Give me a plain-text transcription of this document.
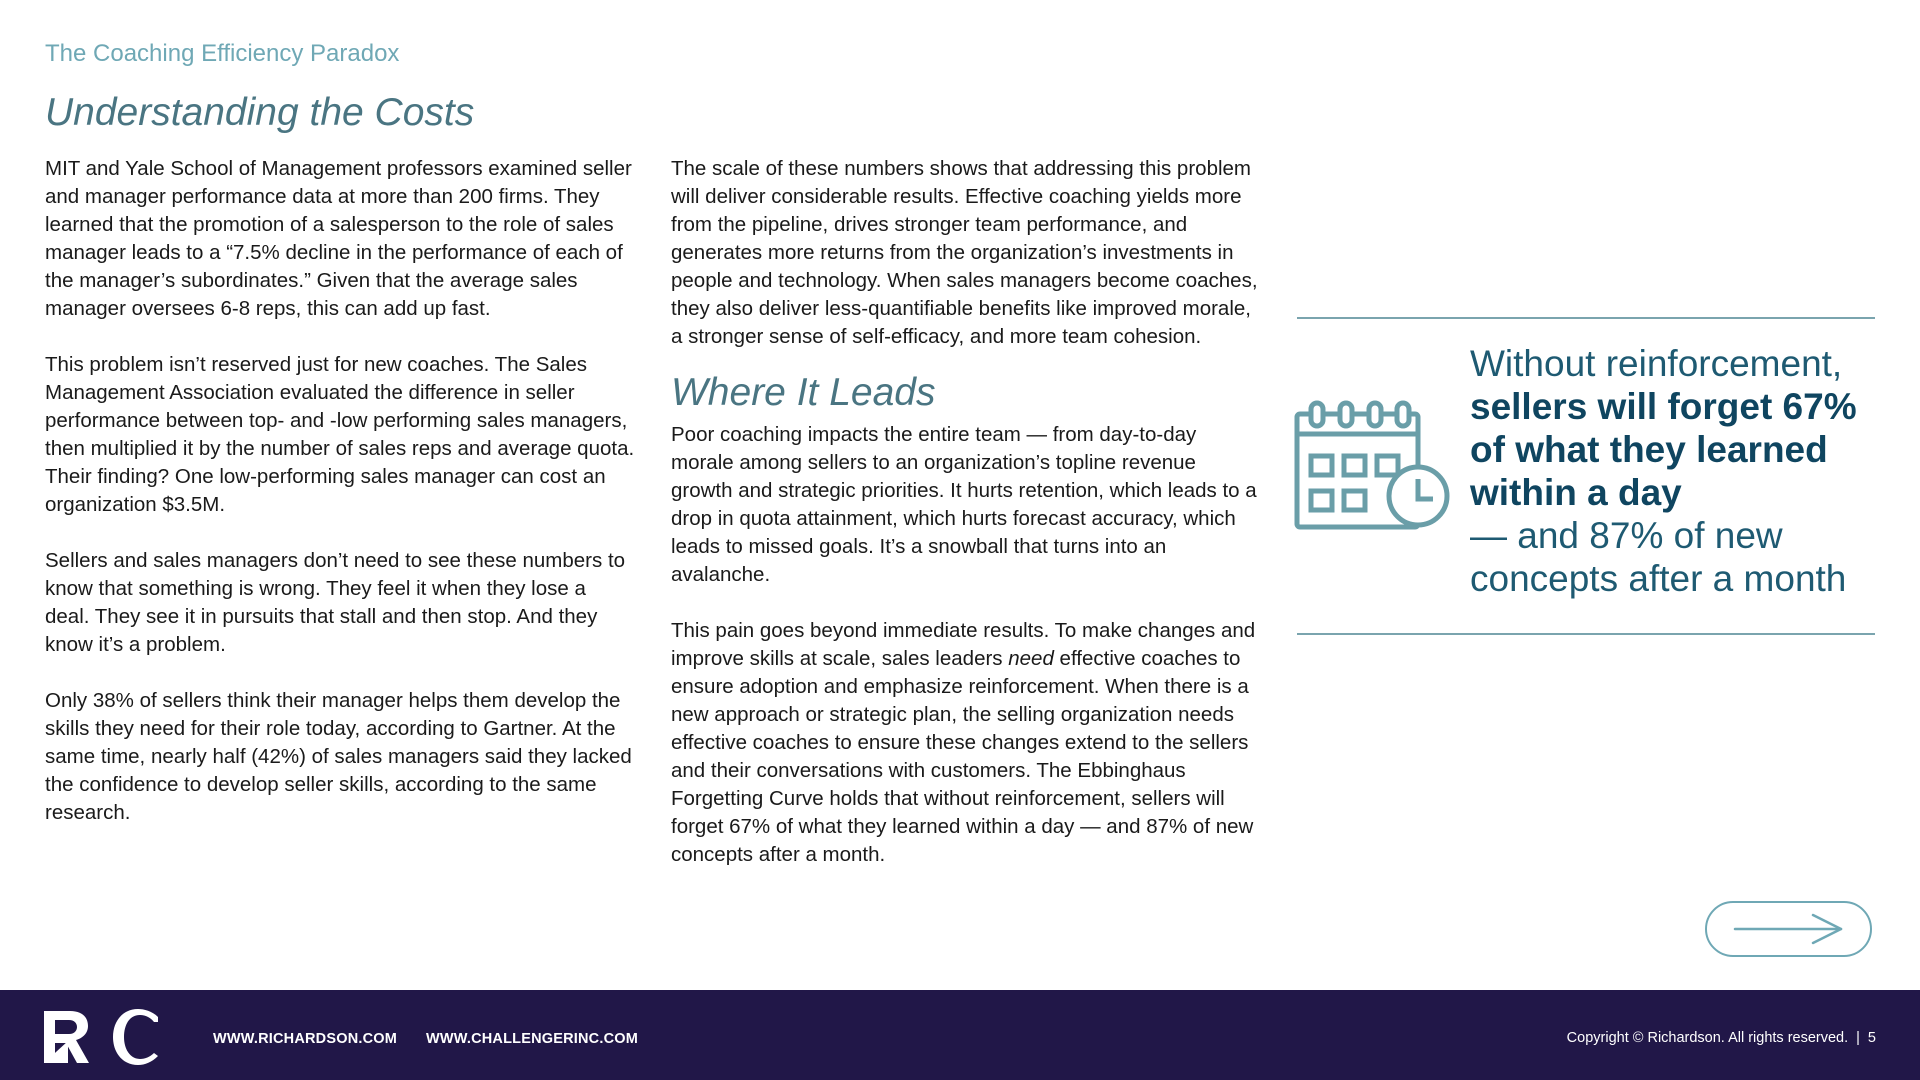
The Coaching Efficiency Paradox
Understanding the Costs

MIT and Yale School of Management professors examined seller and manager performance data at more than 200 firms. They learned that the promotion of a salesperson to the role of sales manager leads to a “7.5% decline in the performance of each of the manager’s subordinates.” Given that the average sales manager oversees 6-8 reps, this can add up fast.

This problem isn’t reserved just for new coaches. The Sales Management Association evaluated the difference in seller performance between top- and -low performing sales managers, then multiplied it by the number of sales reps and average quota. Their finding? One low-performing sales manager can cost an organization $3.5M.

Sellers and sales managers don’t need to see these numbers to know that something is wrong. They feel it when they lose a deal. They see it in pursuits that stall and then stop. And they know it’s a problem.

Only 38% of sellers think their manager helps them develop the skills they need for their role today, according to Gartner. At the same time, nearly half (42%) of sales managers said they lacked the confidence to develop seller skills, according to the same research.

The scale of these numbers shows that addressing this problem will deliver considerable results. Effective coaching yields more from the pipeline, drives stronger team performance, and generates more returns from the organization’s investments in people and technology. When sales managers become coaches, they also deliver less-quantifiable benefits like improved morale, a stronger sense of self-efficacy, and more team cohesion.

Where It Leads

Poor coaching impacts the entire team — from day-to-day morale among sellers to an organization’s topline revenue growth and strategic priorities. It hurts retention, which leads to a drop in quota attainment, which hurts forecast accuracy, which leads to missed goals. It’s a snowball that turns into an avalanche.

This pain goes beyond immediate results. To make changes and improve skills at scale, sales leaders need effective coaches to ensure adoption and emphasize reinforcement. When there is a new approach or strategic plan, the selling organization needs effective coaches to ensure these changes extend to the sellers and their conversations with customers. The Ebbinghaus Forgetting Curve holds that without reinforcement, sellers will forget 67% of what they learned within a day — and 87% of new concepts after a month.

Without reinforcement,
sellers will forget 67% of what they learned within a day
— and 87% of new concepts after a month
WWW.RICHARDSON.COM WWW.CHALLENGERINC.COM	Copyright © Richardson. All rights reserved. | 5
